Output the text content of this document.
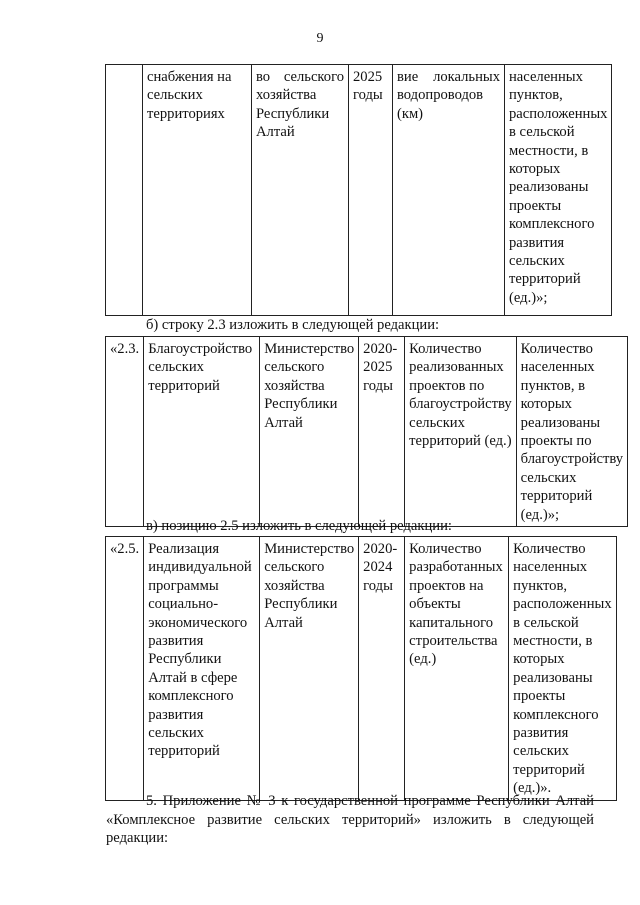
9
	снабжения на сельских территориях	во сельского хозяйства Республики Алтай	2025 годы	вие локальных водопроводов (км)	населенных пунктов, расположенных в сельской местности, в которых реализованы проекты комплексного развития сельских территорий (ед.)»;
б) строку 2.3 изложить в следующей редакции:
«2.3.	Благоустройство сельских территорий	Министерство сельского хозяйства Республики Алтай	2020-2025 годы	Количество реализованных проектов по благоустройству сельских территорий (ед.)	Количество населенных пунктов, в которых реализованы проекты по благоустройству сельских территорий (ед.)»;
в) позицию 2.5 изложить в следующей редакции:
«2.5.	Реализация индивидуальной программы социально-экономического развития Республики Алтай в сфере комплексного развития сельских территорий	Министерство сельского хозяйства Республики Алтай	2020-2024 годы	Количество разработанных проектов на объекты капитального строительства (ед.)	Количество населенных пунктов, расположенных в сельской местности, в которых реализованы проекты комплексного развития сельских территорий (ед.)».
5. Приложение № 3 к государственной программе Республики Алтай «Комплексное развитие сельских территорий» изложить в следующей редакции:
